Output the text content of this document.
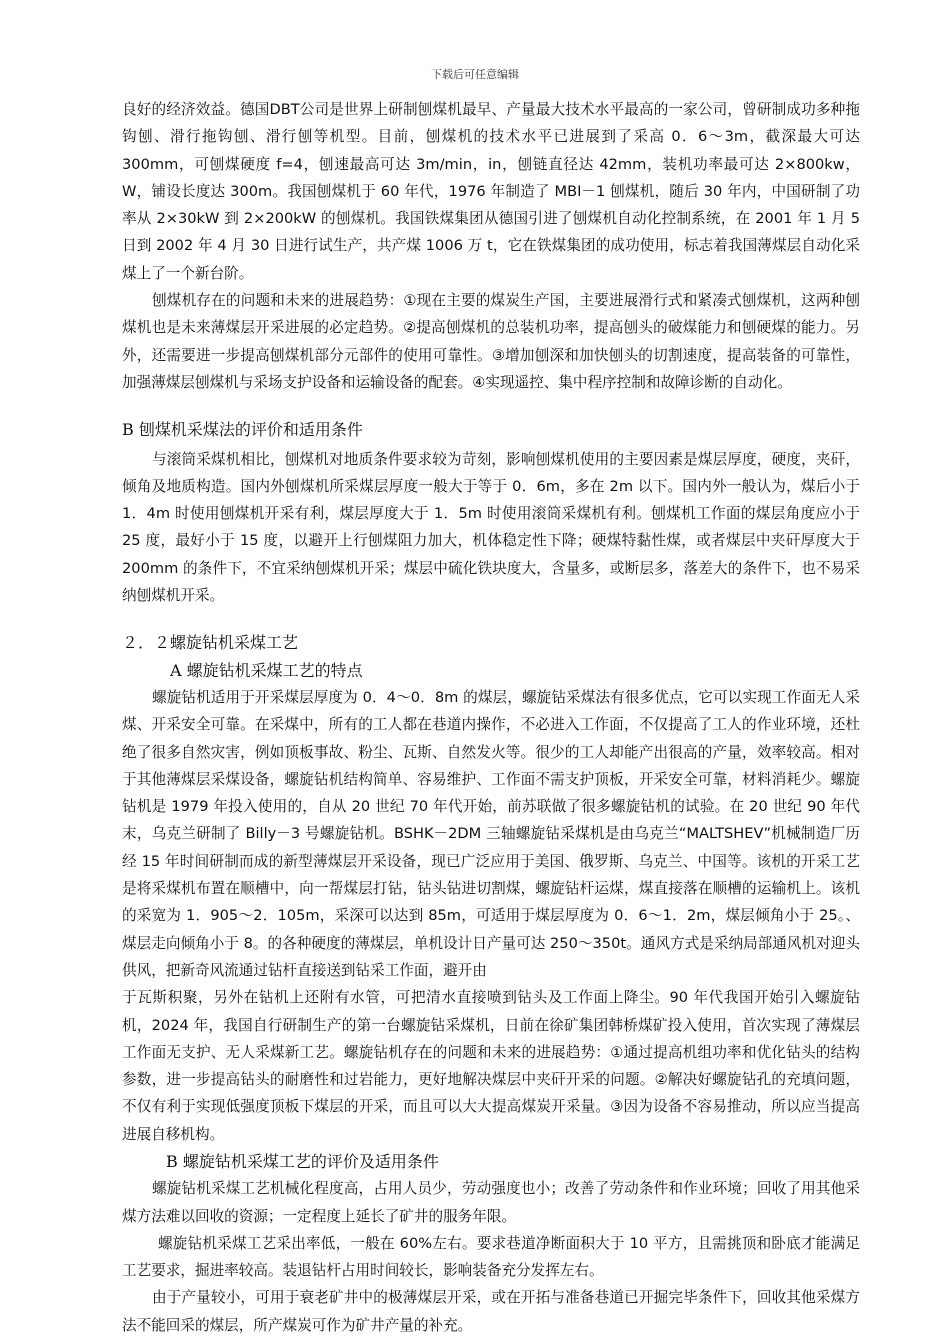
下载后可任意编辑

良好的经济效益。德国DBT公司是世界上研制刨煤机最早、产量最大技术水平最高的一家公司，曾研制成功多种拖钩刨、滑行拖钩刨、滑行刨等机型。目前，刨煤机的技术水平已进展到了采高 0．6～3m，截深最大可达 300mm，可刨煤硬度 f=4，刨速最高可达 3m/min，in，刨链直径达 42mm，装机功率最可达 2×800kw，W，铺设长度达 300m。我国刨煤机于 60 年代，1976 年制造了 MBI－1 刨煤机，随后 30 年内，中国研制了功率从 2×30kW 到 2×200kW 的刨煤机。我国铁煤集团从德国引进了刨煤机自动化控制系统，在 2001 年 1 月 5 日到 2002 年 4 月 30 日进行试生产，共产煤 1006 万 t，它在铁煤集团的成功使用，标志着我国薄煤层自动化采煤上了一个新台阶。

刨煤机存在的问题和未来的进展趋势：①现在主要的煤炭生产国，主要进展滑行式和紧凑式刨煤机，这两种刨煤机也是未来薄煤层开采进展的必定趋势。②提高刨煤机的总装机功率，提高刨头的破煤能力和刨硬煤的能力。另外，还需要进一步提高刨煤机部分元部件的使用可靠性。③增加刨深和加快刨头的切割速度，提高装备的可靠性，加强薄煤层刨煤机与采场支护设备和运输设备的配套。④实现遥控、集中程序控制和故障诊断的自动化。

B 刨煤机采煤法的评价和适用条件

与滚筒采煤机相比，刨煤机对地质条件要求较为苛刻，影响刨煤机使用的主要因素是煤层厚度，硬度，夹矸，倾角及地质构造。国内外刨煤机所采煤层厚度一般大于等于 0．6m，多在 2m 以下。国内外一般认为，煤后小于 1．4m 时使用刨煤机开采有利，煤层厚度大于 1．5m 时使用滚筒采煤机有利。刨煤机工作面的煤层角度应小于 25 度，最好小于 15 度，以避开上行刨煤阻力加大，机体稳定性下降；硬煤特黏性煤，或者煤层中夹矸厚度大于 200mm 的条件下，不宜采纳刨煤机开采；煤层中硫化铁块度大，含量多，或断层多，落差大的条件下，也不易采纳刨煤机开采。

２．２螺旋钻机采煤工艺

A 螺旋钻机采煤工艺的特点

螺旋钻机适用于开采煤层厚度为 0．4～0．8m 的煤层，螺旋钻采煤法有很多优点，它可以实现工作面无人采煤、开采安全可靠。在采煤中，所有的工人都在巷道内操作，不必进入工作面，不仅提高了工人的作业环境，还杜绝了很多自然灾害，例如顶板事故、粉尘、瓦斯、自然发火等。很少的工人却能产出很高的产量，效率较高。相对于其他薄煤层采煤设备，螺旋钻机结构简单、容易维护、工作面不需支护顶板，开采安全可靠，材料消耗少。螺旋钻机是 1979 年投入使用的，自从 20 世纪 70 年代开始，前苏联做了很多螺旋钻机的试验。在 20 世纪 90 年代末，乌克兰研制了 Billy－3 号螺旋钻机。BSHK－2DM 三轴螺旋钻采煤机是由乌克兰“MALTSHEV”机械制造厂历经 15 年时间研制而成的新型薄煤层开采设备，现已广泛应用于美国、俄罗斯、乌克兰、中国等。该机的开采工艺是将采煤机布置在顺槽中，向一帮煤层打钻，钻头钻进切割煤，螺旋钻杆运煤，煤直接落在顺槽的运输机上。该机的采宽为 1．905～2．105m，采深可以达到 85m，可适用于煤层厚度为 0．6～1．2m，煤层倾角小于 25。、煤层走向倾角小于 8。的各种硬度的薄煤层，单机设计日产量可达 250～350t。通风方式是采纳局部通风机对迎头供风，把新奇风流通过钻杆直接送到钻采工作面，避开由

于瓦斯积聚，另外在钻机上还附有水管，可把清水直接喷到钻头及工作面上降尘。90 年代我国开始引入螺旋钻机，2024 年，我国自行研制生产的第一台螺旋钻采煤机，日前在徐矿集团韩桥煤矿投入使用，首次实现了薄煤层工作面无支护、无人采煤新工艺。螺旋钻机存在的问题和未来的进展趋势：①通过提高机组功率和优化钻头的结构参数，进一步提高钻头的耐磨性和过岩能力，更好地解决煤层中夹矸开采的问题。②解决好螺旋钻孔的充填问题，不仅有利于实现低强度顶板下煤层的开采，而且可以大大提高煤炭开采量。③因为设备不容易推动，所以应当提高进展自移机构。

B 螺旋钻机采煤工艺的评价及适用条件

螺旋钻机采煤工艺机械化程度高，占用人员少，劳动强度也小；改善了劳动条件和作业环境；回收了用其他采煤方法难以回收的资源；一定程度上延长了矿井的服务年限。

螺旋钻机采煤工艺采出率低，一般在 60%左右。要求巷道净断面积大于 10 平方，且需挑顶和卧底才能满足工艺要求，掘进率较高。装退钻杆占用时间较长，影响装备充分发挥左右。

由于产量较小，可用于衰老矿井中的极薄煤层开采，或在开拓与准备巷道已开掘完毕条件下，回收其他采煤方法不能回采的煤层，所产煤炭可作为矿井产量的补充。
